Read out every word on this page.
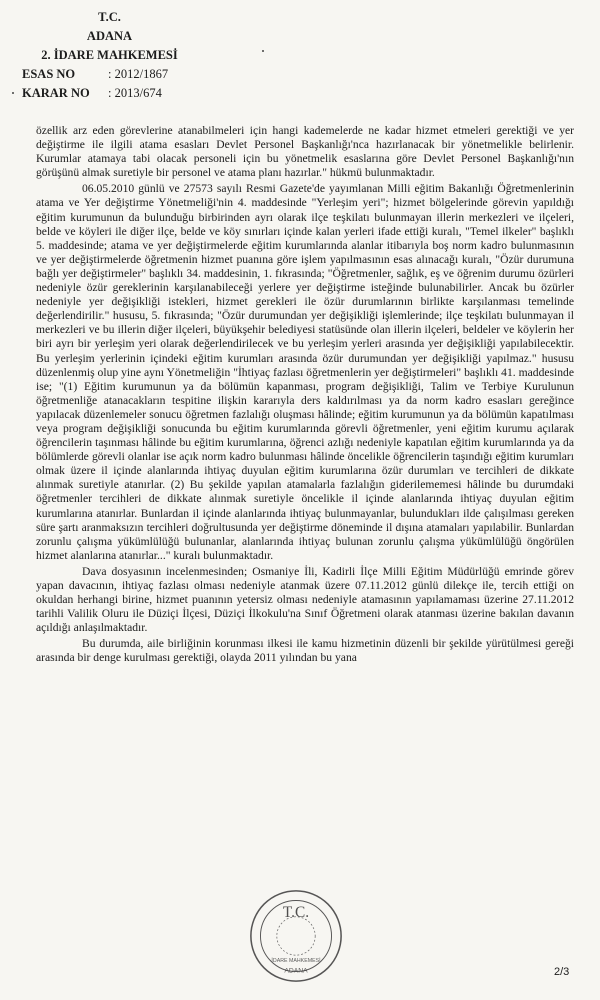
T.C.
ADANA
2. İDARE MAHKEMESİ
ESAS NO	: 2012/1867
KARAR NO	: 2013/674

özellik arz eden görevlerine atanabilmeleri için hangi kademelerde ne kadar hizmet etmeleri gerektiği ve yer değiştirme ile ilgili atama esasları Devlet Personel Başkanlığı'nca hazırlanacak bir yönetmelikle belirlenir. Kurumlar atamaya tabi olacak personeli için bu yönetmelik esaslarına göre Devlet Personel Başkanlığı'nın görüşünü almak suretiyle bir personel ve atama planı hazırlar." hükmü bulunmaktadır.

06.05.2010 günlü ve 27573 sayılı Resmi Gazete'de yayımlanan Milli eğitim Bakanlığı Öğretmenlerinin atama ve Yer değiştirme Yönetmeliği'nin 4. maddesinde "Yerleşim yeri"; hizmet bölgelerinde görevin yapıldığı eğitim kurumunun da bulunduğu birbirinden ayrı olarak ilçe teşkilatı bulunmayan illerin merkezleri ve ilçeleri, belde ve köyleri ile diğer ilçe, belde ve köy sınırları içinde kalan yerleri ifade ettiği kuralı, "Temel ilkeler" başlıklı 5. maddesinde; atama ve yer değiştirmelerde eğitim kurumlarında alanlar itibarıyla boş norm kadro bulunmasının ve yer değiştirmelerde öğretmenin hizmet puanına göre işlem yapılmasının esas alınacağı kuralı, "Özür durumuna bağlı yer değiştirmeler" başlıklı 34. maddesinin, 1. fıkrasında; "Öğretmenler, sağlık, eş ve öğrenim durumu özürleri nedeniyle özür gereklerinin karşılanabileceği yerlere yer değiştirme isteğinde bulunabilirler. Ancak bu özürler nedeniyle yer değişikliği istekleri, hizmet gerekleri ile özür durumlarının birlikte karşılanması temelinde değerlendirilir." hususu, 5. fıkrasında; "Özür durumundan yer değişikliği işlemlerinde; ilçe teşkilatı bulunmayan il merkezleri ve bu illerin diğer ilçeleri, büyükşehir belediyesi statüsünde olan illerin ilçeleri, beldeler ve köylerin her biri ayrı bir yerleşim yeri olarak değerlendirilecek ve bu yerleşim yerleri arasında yer değişikliği yapılabilecektir. Bu yerleşim yerlerinin içindeki eğitim kurumları arasında özür durumundan yer değişikliği yapılmaz." hususu düzenlenmiş olup yine aynı Yönetmeliğin "İhtiyaç fazlası öğretmenlerin yer değiştirmeleri" başlıklı 41. maddesinde ise; "(1) Eğitim kurumunun ya da bölümün kapanması, program değişikliği, Talim ve Terbiye Kurulunun öğretmenliğe atanacakların tespitine ilişkin kararıyla ders kaldırılması ya da norm kadro esasları gereğince yapılacak düzenlemeler sonucu öğretmen fazlalığı oluşması hâlinde; eğitim kurumunun ya da bölümün kapatılması veya program değişikliği sonucunda bu eğitim kurumlarında görevli öğretmenler, yeni eğitim kurumu açılarak öğrencilerin taşınması hâlinde bu eğitim kurumlarına, öğrenci azlığı nedeniyle kapatılan eğitim kurumlarında ya da bölümlerde görevli olanlar ise açık norm kadro bulunması hâlinde öncelikle öğrencilerin taşındığı eğitim kurumları olmak üzere il içinde alanlarında ihtiyaç duyulan eğitim kurumlarına özür durumları ve tercihleri de dikkate alınmak suretiyle atanırlar. (2) Bu şekilde yapılan atamalarla fazlalığın giderilememesi hâlinde bu durumdaki öğretmenler tercihleri de dikkate alınmak suretiyle öncelikle il içinde alanlarında ihtiyaç duyulan eğitim kurumlarına atanırlar. Bunlardan il içinde alanlarında ihtiyaç bulunmayanlar, bulundukları ilde çalışılması gereken süre şartı aranmaksızın tercihleri doğrultusunda yer değiştirme döneminde il dışına atamaları yapılabilir. Bunlardan zorunlu çalışma yükümlülüğü bulunanlar, alanlarında ihtiyaç bulunan zorunlu çalışma yükümlülüğü öngörülen hizmet alanlarına atanırlar..." kuralı bulunmaktadır.

Dava dosyasının incelenmesinden; Osmaniye İli, Kadirli İlçe Milli Eğitim Müdürlüğü emrinde görev yapan davacının, ihtiyaç fazlası olması nedeniyle atanmak üzere 07.11.2012 günlü dilekçe ile, tercih ettiği on okuldan herhangi birine, hizmet puanının yetersiz olması nedeniyle atamasının yapılamaması üzerine 27.11.2012 tarihli Valilik Oluru ile Düziçi İlçesi, Düziçi İlkokulu'na Sınıf Öğretmeni olarak atanması üzerine bakılan davanın açıldığı anlaşılmaktadır.

Bu durumda, aile birliğinin korunması ilkesi ile kamu hizmetinin düzenli bir şekilde yürütülmesi gereği arasında bir denge kurulması gerektiği, olayda 2011 yılından bu yana

T.C.
ADANA
İDARE MAHKEMESİ
2/3
